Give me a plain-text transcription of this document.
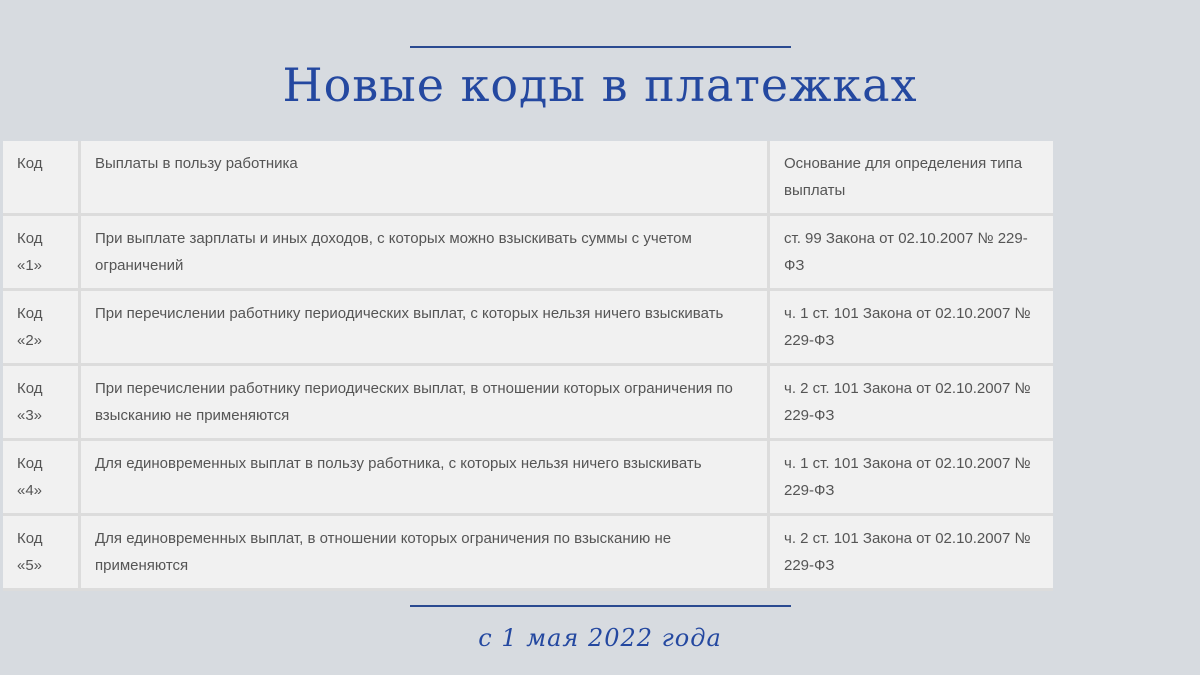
Новые коды в платежках
Код	Выплаты в пользу работника	Основание для определения типа выплаты
Код «1»	При выплате зарплаты и иных доходов, с которых можно взыскивать суммы с учетом ограничений	ст. 99 Закона от 02.10.2007 № 229-ФЗ
Код «2»	При перечислении работнику периодических выплат, с которых нельзя ничего взыскивать	ч. 1 ст. 101 Закона от 02.10.2007 № 229-ФЗ
Код «3»	При перечислении работнику периодических выплат, в отношении которых ограничения по взысканию не применяются	ч. 2 ст. 101 Закона от 02.10.2007 № 229-ФЗ
Код «4»	Для единовременных выплат в пользу работника, с которых нельзя ничего взыскивать	ч. 1 ст. 101 Закона от 02.10.2007 № 229-ФЗ
Код «5»	Для единовременных выплат, в отношении которых ограничения по взысканию не применяются	ч. 2 ст. 101 Закона от 02.10.2007 № 229-ФЗ
с 1 мая 2022 года
